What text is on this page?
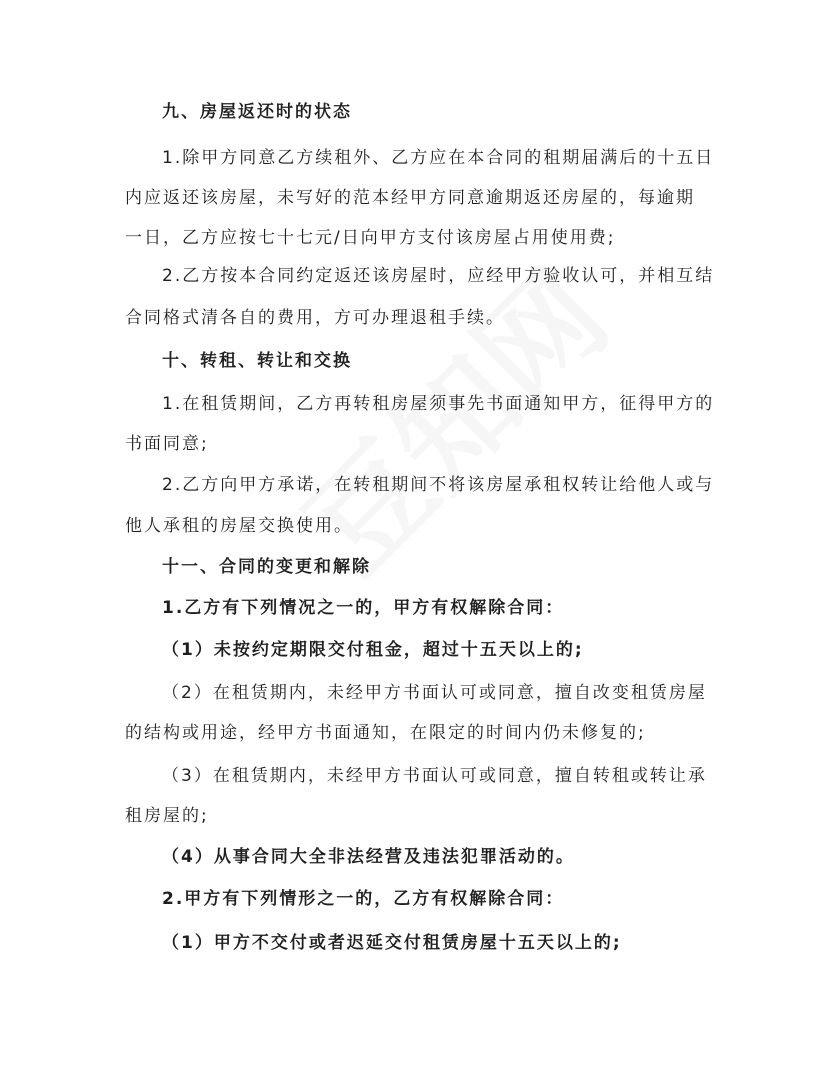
九、房屋返还时的状态
1.除甲方同意乙方续租外、乙方应在本合同的租期届满后的十五日
内应返还该房屋，未写好的范本经甲方同意逾期返还房屋的，每逾期
一日，乙方应按七十七元/日向甲方支付该房屋占用使用费;
2.乙方按本合同约定返还该房屋时，应经甲方验收认可，并相互结
合同格式清各自的费用，方可办理退租手续。
十、转租、转让和交换
1.在租赁期间，乙方再转租房屋须事先书面通知甲方，征得甲方的
书面同意;
2.乙方向甲方承诺，在转租期间不将该房屋承租权转让给他人或与
他人承租的房屋交换使用。
十一、合同的变更和解除
1.乙方有下列情况之一的，甲方有权解除合同：
（1）未按约定期限交付租金，超过十五天以上的;
（2）在租赁期内，未经甲方书面认可或同意，擅自改变租赁房屋
的结构或用途，经甲方书面通知，在限定的时间内仍未修复的;
（3）在租赁期内，未经甲方书面认可或同意，擅自转租或转让承
租房屋的;
（4）从事合同大全非法经营及违法犯罪活动的。
2.甲方有下列情形之一的，乙方有权解除合同：
（1）甲方不交付或者迟延交付租赁房屋十五天以上的;
